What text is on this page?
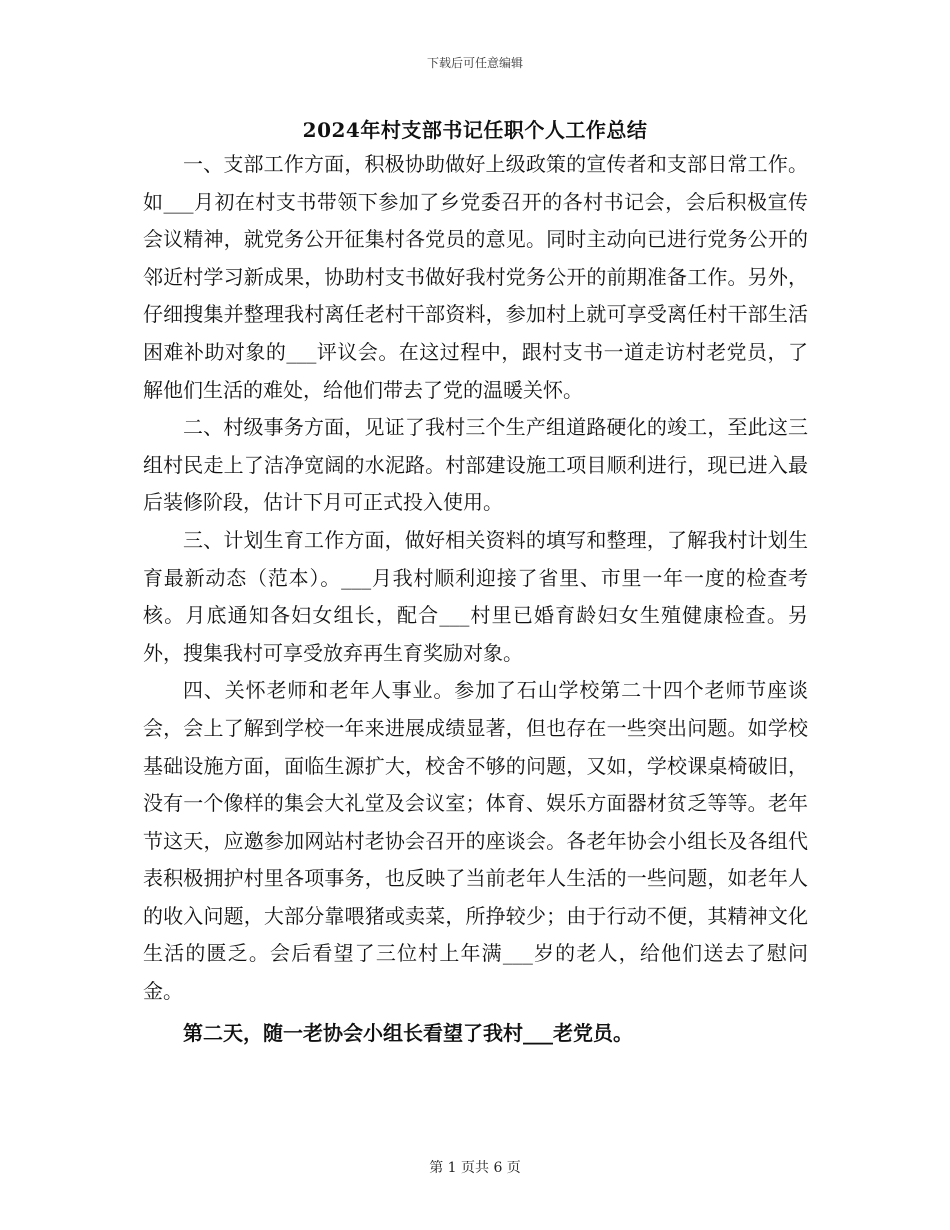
下载后可任意编辑
2024年村支部书记任职个人工作总结

一、支部工作方面，积极协助做好上级政策的宣传者和支部日常工作。如___月初在村支书带领下参加了乡党委召开的各村书记会，会后积极宣传会议精神，就党务公开征集村各党员的意见。同时主动向已进行党务公开的邻近村学习新成果，协助村支书做好我村党务公开的前期准备工作。另外，仔细搜集并整理我村离任老村干部资料，参加村上就可享受离任村干部生活困难补助对象的___评议会。在这过程中，跟村支书一道走访村老党员，了解他们生活的难处，给他们带去了党的温暖关怀。

二、村级事务方面，见证了我村三个生产组道路硬化的竣工，至此这三组村民走上了洁净宽阔的水泥路。村部建设施工项目顺利进行，现已进入最后装修阶段，估计下月可正式投入使用。

三、计划生育工作方面，做好相关资料的填写和整理，了解我村计划生育最新动态（范本）。___月我村顺利迎接了省里、市里一年一度的检查考核。月底通知各妇女组长，配合___村里已婚育龄妇女生殖健康检查。另外，搜集我村可享受放弃再生育奖励对象。

四、关怀老师和老年人事业。参加了石山学校第二十四个老师节座谈会，会上了解到学校一年来进展成绩显著，但也存在一些突出问题。如学校基础设施方面，面临生源扩大，校舍不够的问题，又如，学校课桌椅破旧，没有一个像样的集会大礼堂及会议室；体育、娱乐方面器材贫乏等等。老年节这天，应邀参加网站村老协会召开的座谈会。各老年协会小组长及各组代表积极拥护村里各项事务，也反映了当前老年人生活的一些问题，如老年人的收入问题，大部分靠喂猪或卖菜，所挣较少；由于行动不便，其精神文化生活的匮乏。会后看望了三位村上年满___岁的老人，给他们送去了慰问金。

第二天，随一老协会小组长看望了我村___老党员。

第 1 页共 6 页
